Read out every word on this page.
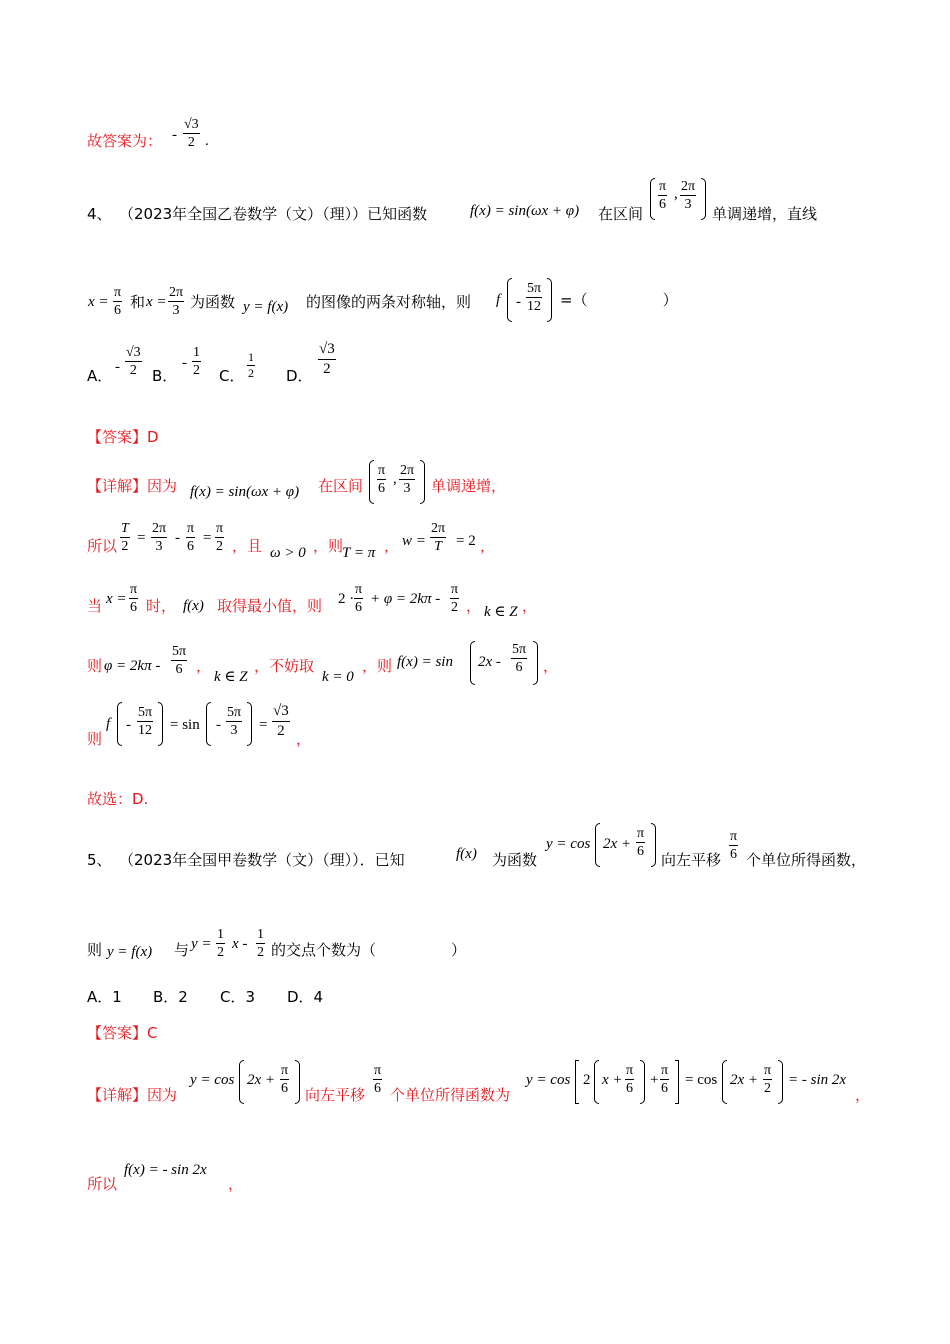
故答案为： -
√3
2 .
4、 （2023年全国乙卷数学（文）（理））已知函数	f(x) = sin(ωx + φ) 在区间
π
6
, 2π
3
单调递增，直线
x =
π
6 和 x =
2π
3 为函数 y = f(x) 的图像的两条对称轴，则 f -
5π
12 =（　　　　　）
A． -
√3
2	B．
-
1
2 C．
1
2 D．
√3
2
【答案】D
【详解】因为 f(x) = sin(ωx + φ) 在区间
π
6
,
2π
3	单调递增，
所以
T
2
=
2π
3
-
π
6
=
π
2 ，且 ω > 0 ，则
T = π ， w =
2π
T = 2 ，
当 x =
π
6 时， f(x) 取得最小值，则 2 ·
π
6
+ φ = 2kπ -
π
2 ， k ∈ Z ，
则 φ = 2kπ -
5π
6 ，
k ∈ Z
，不妨取
k = 0
，则 f(x) = sin 2x -
5π
6	，
则
f -
5π
12 = sin -
5π
3	=
√3
2 ，
故选：D.
5、 （2023年全国甲卷数学（文）（理））．已知	f(x) 为函数
y = cos 2x +
π
6 向左平移
π
6 个单位所得函数，
则 y = f(x) 与 y =
1
2
x -
1
2 的交点个数为（　　　　　）
A．1 B．2 C．3 D．4
【答案】C
【详解】因为
y = cos 2x +
π
6 向左平移
π
6 个单位所得函数为
y = cos 2 x +
π
6
+
π
6
= cos 2x +
π
2
= - sin 2x
，
所以
f(x) = - sin 2x
，
